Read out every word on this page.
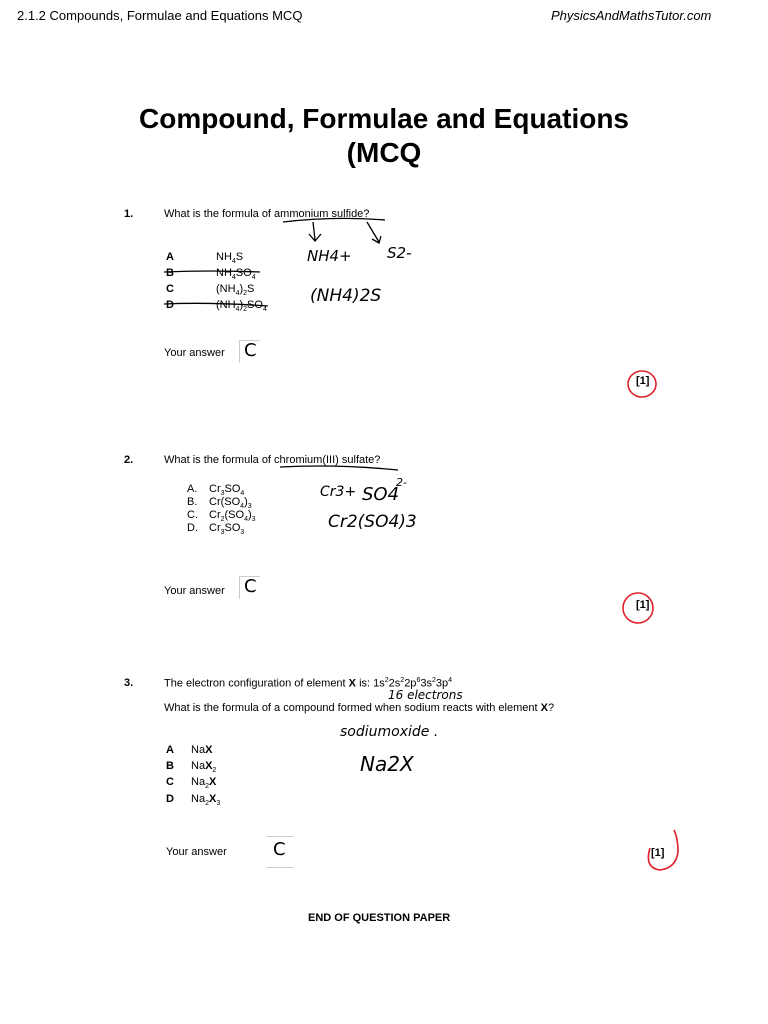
2.1.2 Compounds, Formulae and Equations MCQ	PhysicsAndMathsTutor.com
Compound, Formulae and Equations (MCQ
1.	What is the formula of ammonium sulfide?
A	$NH_4S$
B	$NH_4SO_4$
C	$(NH_4)_2S$
D	$(NH_4)_2SO_4$
NH4+ S2-
(NH4)2S
Your answer C
[1]
2.	What is the formula of chromium(III) sulfate?
A. $Cr_3SO_4$
B. $Cr(SO_4)_3$
C. $Cr_2(SO_4)_3$
D. $Cr_3SO_3$
Cr3+ SO4
2-
Cr2(SO4)3
Your answer C
[1]
3.	The electron configuration of element X is: $1s^22s^22p^63s^23p^4$
What is the formula of a compound formed when sodium reacts with element X?
A NaX
B NaX$_2$
C $Na_2X$
D $Na_2X_3$
16 electrons
sodiumoxide .
Na2X
Your answer	C	[1]
END OF QUESTION PAPER
